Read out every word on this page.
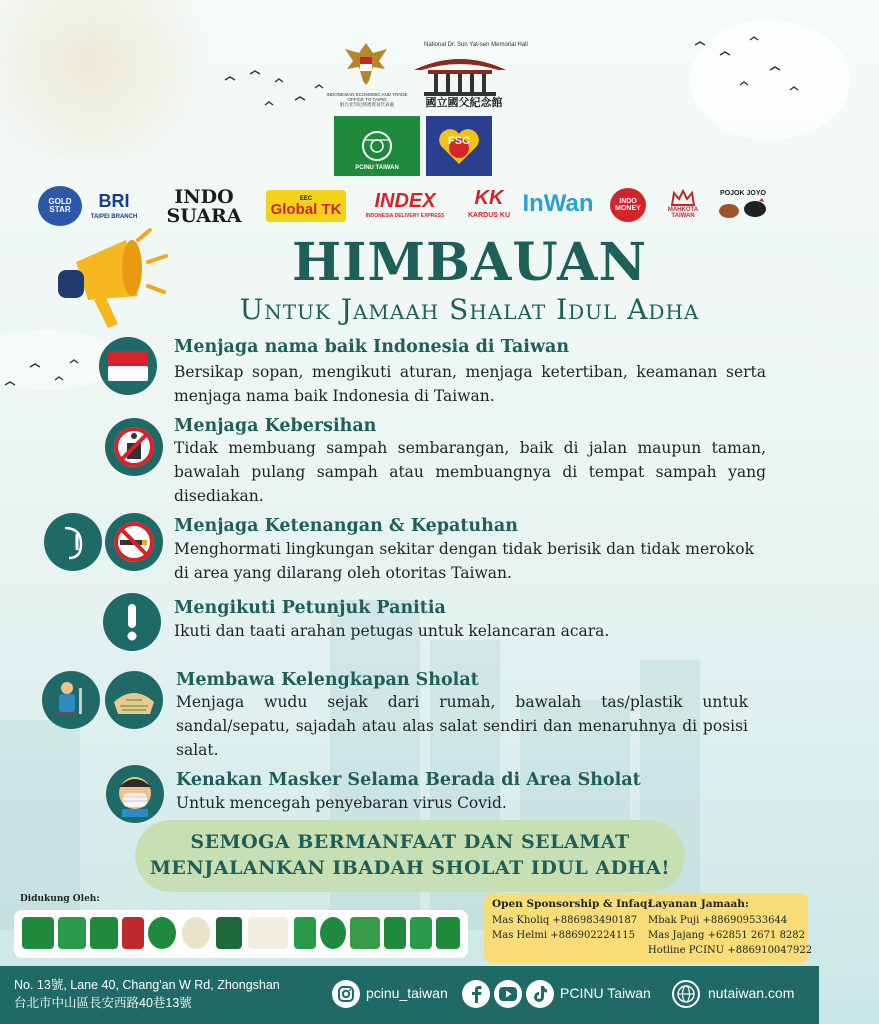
INDONESIAN ECONOMIC AND TRADE OFFICE TO TAIPEI
駐台北印尼經濟貿易代表處
National Dr. Sun Yat-sen Memorial Hall
國立國父紀念館
PCINU TAIWAN
FSC
GOLD STAR	BRI
TAIPEI BRANCH
INDO SUARA
EEC
Global TK	INDEX
INDONESIA DELIVERY EXPRESS
KK
KARDUS KU InWan	INDO MONEY	MAHKOTA TAIWAN
POJOK JOYO
HIMBAUAN
Untuk Jamaah Shalat Idul Adha
Menjaga nama baik Indonesia di Taiwan
Bersikap sopan, mengikuti aturan, menjaga ketertiban, keamanan serta menjaga nama baik Indonesia di Taiwan.
Menjaga Kebersihan
Tidak membuang sampah sembarangan, baik di jalan maupun taman, bawalah pulang sampah atau membuangnya di tempat sampah yang disediakan.
Menjaga Ketenangan & Kepatuhan
Menghormati lingkungan sekitar dengan tidak berisik dan tidak merokok di area yang dilarang oleh otoritas Taiwan.
Mengikuti Petunjuk Panitia
Ikuti dan taati arahan petugas untuk kelancaran acara.
Membawa Kelengkapan Sholat
Menjaga wudu sejak dari rumah, bawalah tas/plastik untuk sandal/sepatu, sajadah atau alas salat sendiri dan menaruhnya di posisi salat.
Kenakan Masker Selama Berada di Area Sholat
Untuk mencegah penyebaran virus Covid.
SEMOGA BERMANFAAT DAN SELAMAT
MENJALANKAN IBADAH SHOLAT IDUL ADHA!
Didukung Oleh:	Open Sponsorship & Infaq:
Mas Kholiq +886983490187
Mas Helmi +886902224115
Layanan Jamaah:
Mbak Puji +886909533644
Mas Jajang +62851 2671 8282
Hotline PCINU +886910047922
No. 13號, Lane 40, Chang'an W Rd, Zhongshan
台北市中山區長安西路40巷13號
pcinu_taiwan	PCINU Taiwan	nutaiwan.com
